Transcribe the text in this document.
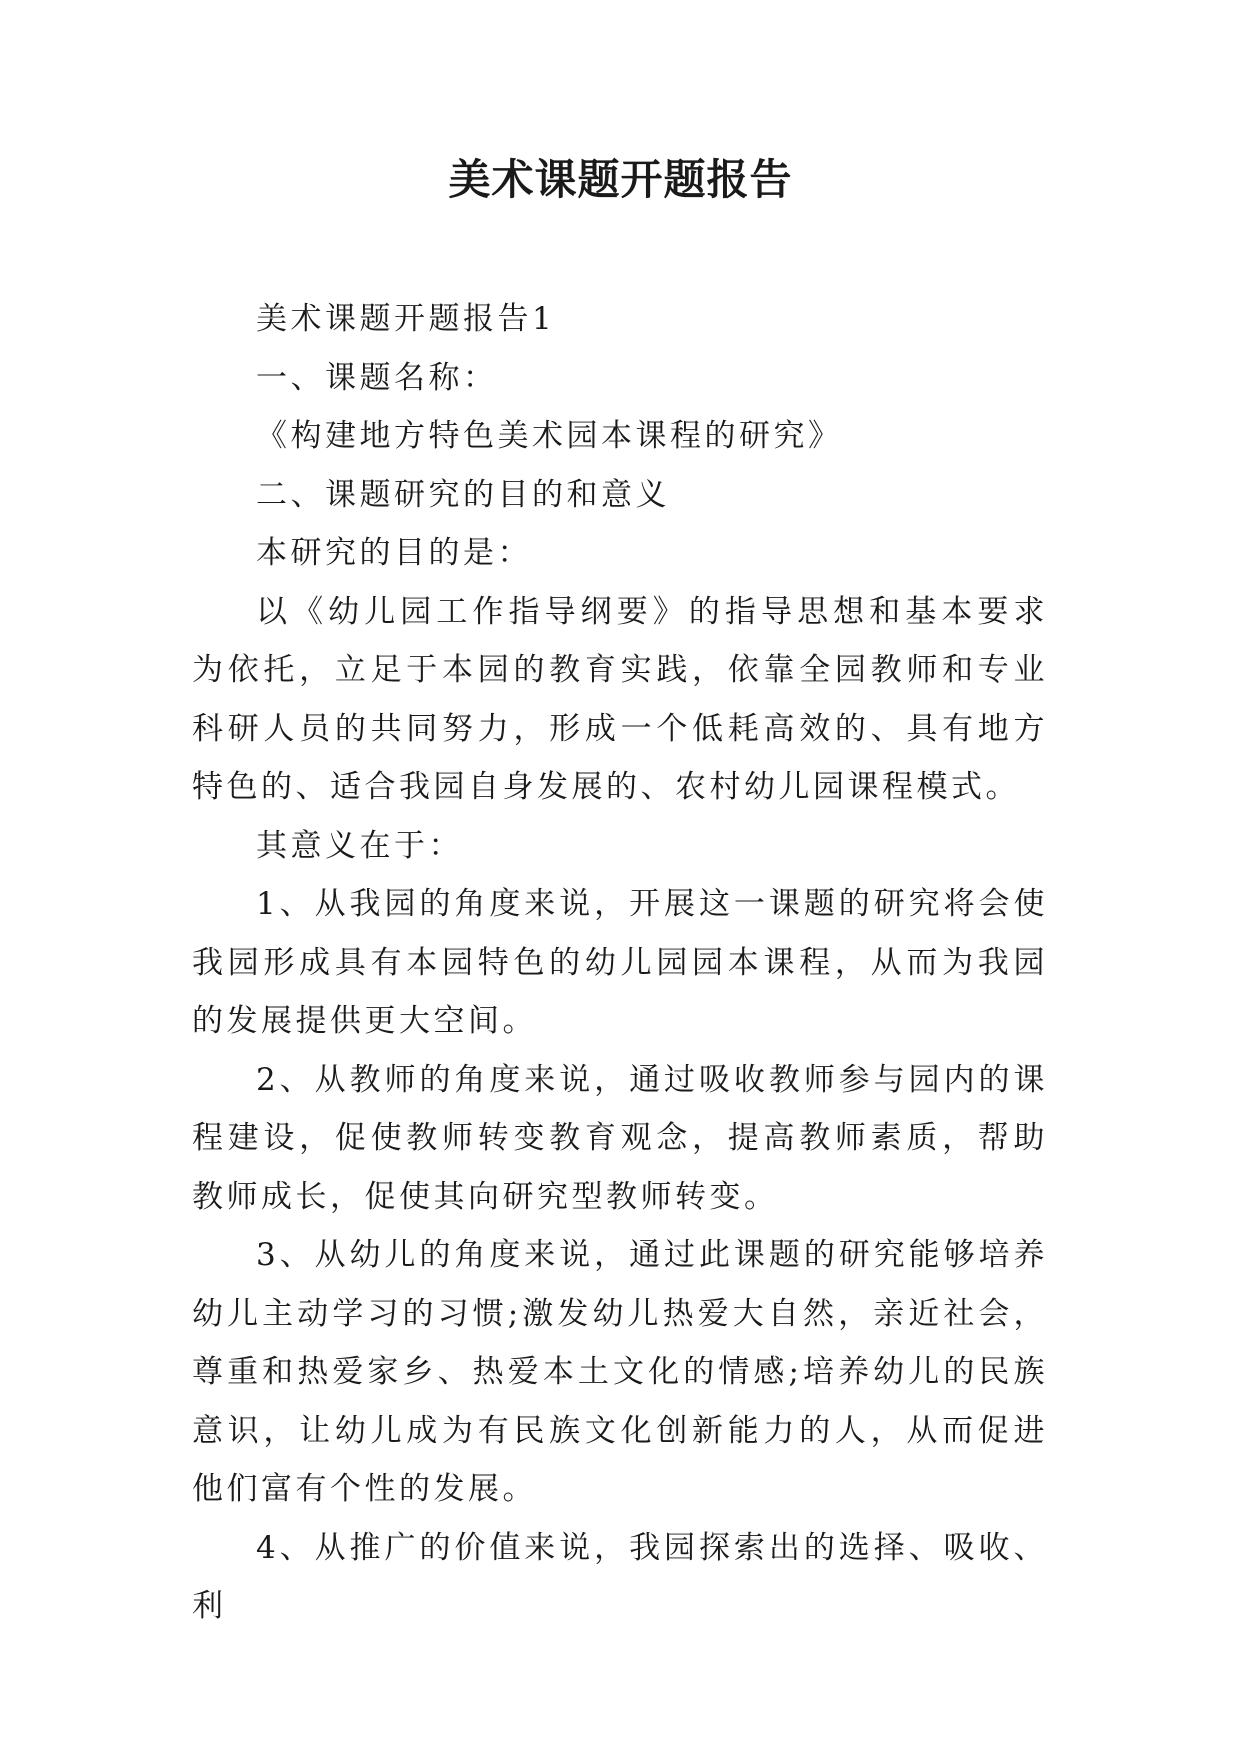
美术课题开题报告

美术课题开题报告1

一、课题名称：

《构建地方特色美术园本课程的研究》

二、课题研究的目的和意义

本研究的目的是：

以《幼儿园工作指导纲要》的指导思想和基本要求为依托，立足于本园的教育实践，依靠全园教师和专业科研人员的共同努力，形成一个低耗高效的、具有地方特色的、适合我园自身发展的、农村幼儿园课程模式。

其意义在于：

1、从我园的角度来说，开展这一课题的研究将会使我园形成具有本园特色的幼儿园园本课程，从而为我园的发展提供更大空间。

2、从教师的角度来说，通过吸收教师参与园内的课程建设，促使教师转变教育观念，提高教师素质，帮助教师成长，促使其向研究型教师转变。

3、从幼儿的角度来说，通过此课题的研究能够培养幼儿主动学习的习惯;激发幼儿热爱大自然，亲近社会，尊重和热爱家乡、热爱本土文化的情感;培养幼儿的民族意识，让幼儿成为有民族文化创新能力的人，从而促进他们富有个性的发展。

4、从推广的价值来说，我园探索出的选择、吸收、利
